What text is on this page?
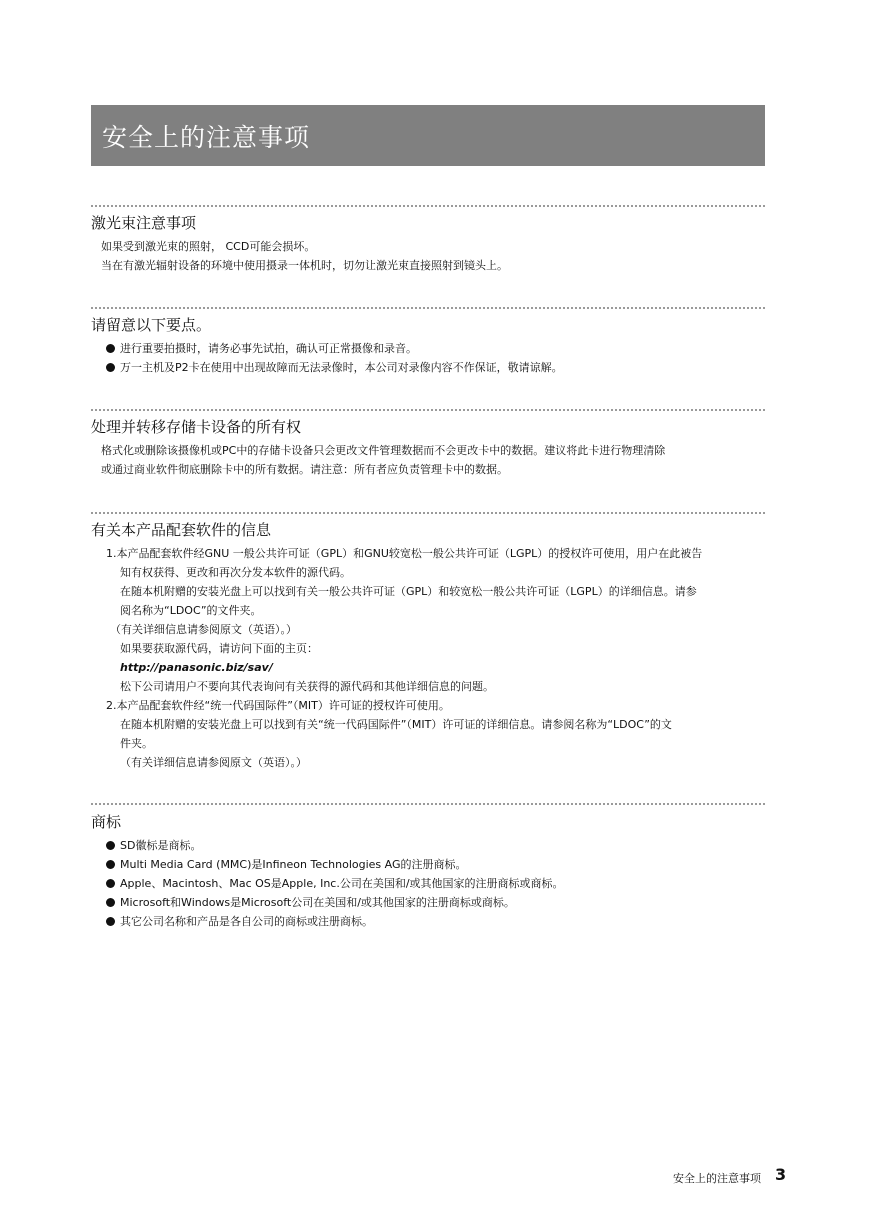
安全上的注意事项
激光束注意事项
如果受到激光束的照射， CCD可能会损坏。
当在有激光辐射设备的环境中使用摄录一体机时，切勿让激光束直接照射到镜头上。
请留意以下要点。
进行重要拍摄时，请务必事先试拍，确认可正常摄像和录音。
万一主机及P2卡在使用中出现故障而无法录像时，本公司对录像内容不作保证，敬请谅解。
处理并转移存储卡设备的所有权
格式化或删除该摄像机或PC中的存储卡设备只会更改文件管理数据而不会更改卡中的数据。建议将此卡进行物理清除
或通过商业软件彻底删除卡中的所有数据。请注意：所有者应负责管理卡中的数据。
有关本产品配套软件的信息
1.本产品配套软件经GNU 一般公共许可证（GPL）和GNU较宽松一般公共许可证（LGPL）的授权许可使用，用户在此被告
知有权获得、更改和再次分发本软件的源代码。
在随本机附赠的安装光盘上可以找到有关一般公共许可证（GPL）和较宽松一般公共许可证（LGPL）的详细信息。请参
阅名称为“LDOC”的文件夹。
（有关详细信息请参阅原文（英语）。）
如果要获取源代码，请访问下面的主页：
http://panasonic.biz/sav/
松下公司请用户不要向其代表询问有关获得的源代码和其他详细信息的问题。
2.本产品配套软件经“统一代码国际件”（MIT）许可证的授权许可使用。
在随本机附赠的安装光盘上可以找到有关“统一代码国际件”（MIT）许可证的详细信息。请参阅名称为“LDOC”的文
件夹。
（有关详细信息请参阅原文（英语）。）
商标
SD徽标是商标。
Multi Media Card (MMC)是Infineon Technologies AG的注册商标。
Apple、Macintosh、Mac OS是Apple, Inc.公司在美国和/或其他国家的注册商标或商标。
Microsoft和Windows是Microsoft公司在美国和/或其他国家的注册商标或商标。
其它公司名称和产品是各自公司的商标或注册商标。
安全上的注意事项 3
